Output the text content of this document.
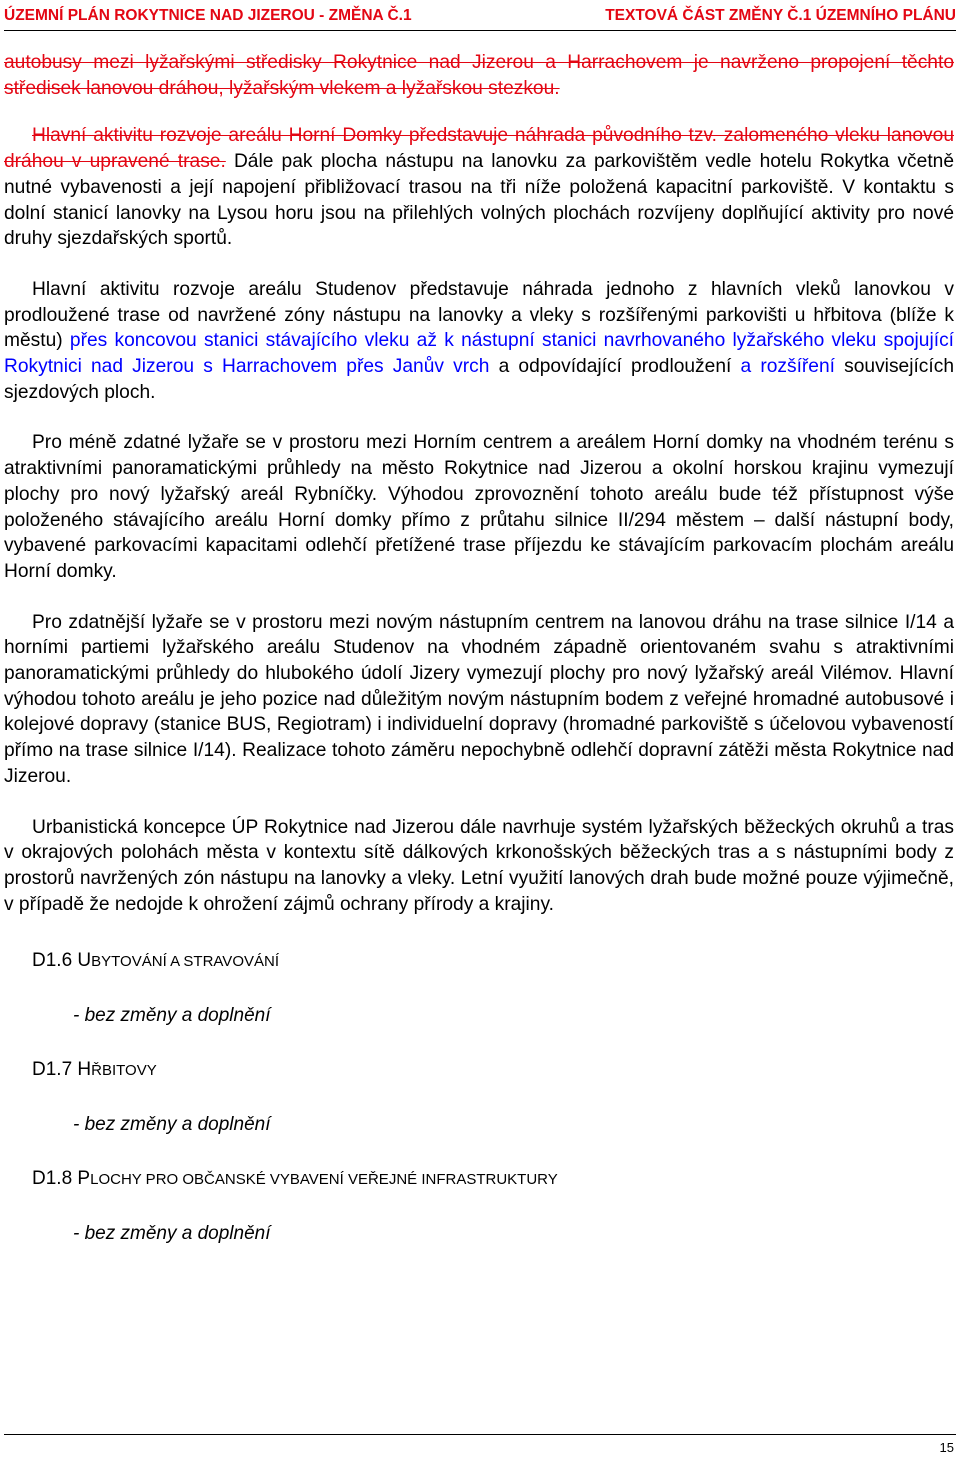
ÚZEMNÍ PLÁN ROKYTNICE NAD JIZEROU - ZMĚNA Č.1	TEXTOVÁ ČÁST ZMĚNY Č.1 ÚZEMNÍHO PLÁNU

autobusy mezi lyžařskými středisky Rokytnice nad Jizerou a Harrachovem je navrženo propojení těchto středisek lanovou dráhou, lyžařským vlekem a lyžařskou stezkou.

Hlavní aktivitu rozvoje areálu Horní Domky představuje náhrada původního tzv. zalomeného vleku lanovou dráhou v upravené trase. Dále pak plocha nástupu na lanovku za parkovištěm vedle hotelu Rokytka včetně nutné vybavenosti a její napojení přibližovací trasou na tři níže položená kapacitní parkoviště. V kontaktu s dolní stanicí lanovky na Lysou horu jsou na přilehlých volných plochách rozvíjeny doplňující aktivity pro nové druhy sjezdařských sportů.

Hlavní aktivitu rozvoje areálu Studenov představuje náhrada jednoho z hlavních vleků lanovkou v prodloužené trase od navržené zóny nástupu na lanovky a vleky s rozšířenými parkovišti u hřbitova (blíže k městu) přes koncovou stanici stávajícího vleku až k nástupní stanici navrhovaného lyžařského vleku spojující Rokytnici nad Jizerou s Harrachovem přes Janův vrch a odpovídající prodloužení a rozšíření souvisejících sjezdových ploch.

Pro méně zdatné lyžaře se v prostoru mezi Horním centrem a areálem Horní domky na vhodném terénu s atraktivními panoramatickými průhledy na město Rokytnice nad Jizerou a okolní horskou krajinu vymezují plochy pro nový lyžařský areál Rybníčky. Výhodou zprovoznění tohoto areálu bude též přístupnost výše položeného stávajícího areálu Horní domky přímo z průtahu silnice II/294 městem – další nástupní body, vybavené parkovacími kapacitami odlehčí přetížené trase příjezdu ke stávajícím parkovacím plochám areálu Horní domky.

Pro zdatnější lyžaře se v prostoru mezi novým nástupním centrem na lanovou dráhu na trase silnice I/14 a horními partiemi lyžařského areálu Studenov na vhodném západně orientovaném svahu s atraktivními panoramatickými průhledy do hlubokého údolí Jizery vymezují plochy pro nový lyžařský areál Vilémov. Hlavní výhodou tohoto areálu je jeho pozice nad důležitým novým nástupním bodem z veřejné hromadné autobusové i kolejové dopravy (stanice BUS, Regiotram) i individuelní dopravy (hromadné parkoviště s účelovou vybaveností přímo na trase silnice I/14). Realizace tohoto záměru nepochybně odlehčí dopravní zátěži města Rokytnice nad Jizerou.

Urbanistická koncepce ÚP Rokytnice nad Jizerou dále navrhuje systém lyžařských běžeckých okruhů a tras v okrajových polohách města v kontextu sítě dálkových krkonošských běžeckých tras a s nástupními body z prostorů navržených zón nástupu na lanovky a vleky. Letní využití lanových drah bude možné pouze výjimečně, v případě že nedojde k ohrožení zájmů ochrany přírody a krajiny.

D1.6 UBYTOVÁNÍ A STRAVOVÁNÍ

- bez změny a doplnění

D1.7 HŘBITOVY

- bez změny a doplnění

D1.8 PLOCHY PRO OBČANSKÉ VYBAVENÍ VEŘEJNÉ INFRASTRUKTURY

- bez změny a doplnění

15
